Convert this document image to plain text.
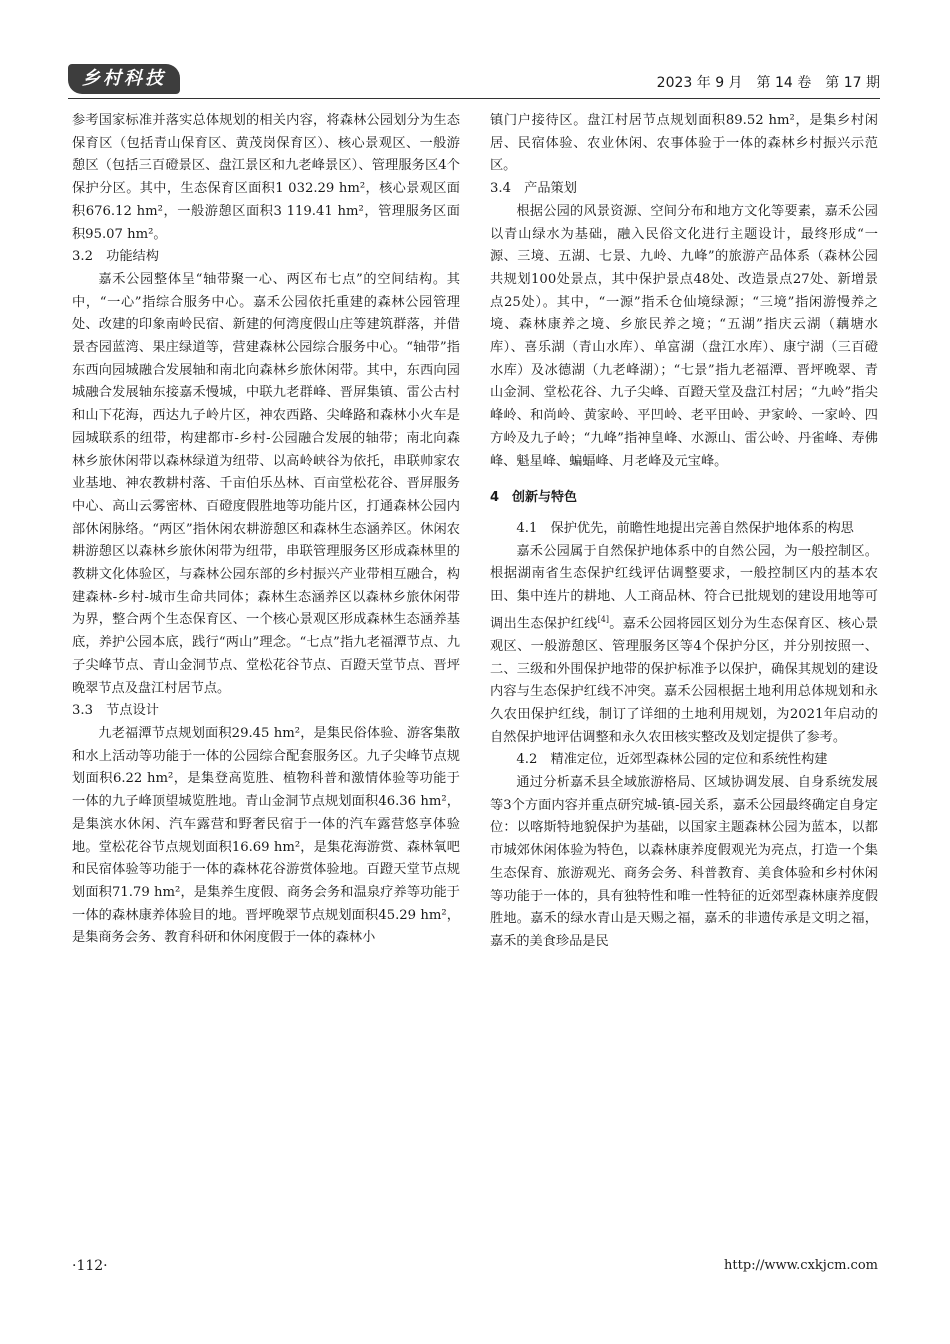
乡村科技	2023 年 9 月　第 14 卷　第 17 期

参考国家标准并落实总体规划的相关内容，将森林公园划分为生态保育区（包括青山保育区、黄茂岗保育区）、核心景观区、一般游憩区（包括三百磴景区、盘江景区和九老峰景区）、管理服务区4个保护分区。其中，生态保育区面积1 032.29 hm²，核心景观区面积676.12 hm²，一般游憩区面积3 119.41 hm²，管理服务区面积95.07 hm²。

3.2　功能结构

嘉禾公园整体呈“轴带聚一心、两区布七点”的空间结构。其中，“一心”指综合服务中心。嘉禾公园依托重建的森林公园管理处、改建的印象南岭民宿、新建的何湾度假山庄等建筑群落，并借景杏园蓝湾、果庄绿道等，营建森林公园综合服务中心。“轴带”指东西向园城融合发展轴和南北向森林乡旅休闲带。其中，东西向园城融合发展轴东接嘉禾慢城，中联九老群峰、晋屏集镇、雷公古村和山下花海，西达九子岭片区，神农西路、尖峰路和森林小火车是园城联系的纽带，构建都市-乡村-公园融合发展的轴带；南北向森林乡旅休闲带以森林绿道为纽带、以高岭峡谷为依托，串联帅家农业基地、神农教耕村落、千亩伯乐丛林、百亩堂松花谷、晋屏服务中心、高山云雾密林、百磴度假胜地等功能片区，打通森林公园内部休闲脉络。“两区”指休闲农耕游憩区和森林生态涵养区。休闲农耕游憩区以森林乡旅休闲带为纽带，串联管理服务区形成森林里的教耕文化体验区，与森林公园东部的乡村振兴产业带相互融合，构建森林-乡村-城市生命共同体；森林生态涵养区以森林乡旅休闲带为界，整合两个生态保育区、一个核心景观区形成森林生态涵养基底，养护公园本底，践行“两山”理念。“七点”指九老福潭节点、九子尖峰节点、青山金洞节点、堂松花谷节点、百蹬天堂节点、晋坪晚翠节点及盘江村居节点。

3.3　节点设计

九老福潭节点规划面积29.45 hm²，是集民俗体验、游客集散和水上活动等功能于一体的公园综合配套服务区。九子尖峰节点规划面积6.22 hm²，是集登高览胜、植物科普和激情体验等功能于一体的九子峰顶望城览胜地。青山金洞节点规划面积46.36 hm²，是集滨水休闲、汽车露营和野奢民宿于一体的汽车露营悠享体验地。堂松花谷节点规划面积16.69 hm²，是集花海游赏、森林氧吧和民宿体验等功能于一体的森林花谷游赏体验地。百蹬天堂节点规划面积71.79 hm²，是集养生度假、商务会务和温泉疗养等功能于一体的森林康养体验目的地。晋坪晚翠节点规划面积45.29 hm²，是集商务会务、教育科研和休闲度假于一体的森林小

镇门户接待区。盘江村居节点规划面积89.52 hm²，是集乡村闲居、民宿体验、农业休闲、农事体验于一体的森林乡村振兴示范区。

3.4　产品策划

根据公园的风景资源、空间分布和地方文化等要素，嘉禾公园以青山绿水为基础，融入民俗文化进行主题设计，最终形成“一源、三境、五湖、七景、九岭、九峰”的旅游产品体系（森林公园共规划100处景点，其中保护景点48处、改造景点27处、新增景点25处）。其中，“一源”指禾仓仙境绿源；“三境”指闲游慢养之境、森林康养之境、乡旅民养之境；“五湖”指庆云湖（藕塘水库）、喜乐湖（青山水库）、单富湖（盘江水库）、康宁湖（三百磴水库）及冰德湖（九老峰湖）；“七景”指九老福潭、晋坪晚翠、青山金洞、堂松花谷、九子尖峰、百蹬天堂及盘江村居；“九岭”指尖峰岭、和尚岭、黄家岭、平凹岭、老平田岭、尹家岭、一家岭、四方岭及九子岭；“九峰”指神皇峰、水源山、雷公岭、丹雀峰、寿佛峰、魁星峰、蝙蝠峰、月老峰及元宝峰。

4　创新与特色

4.1　保护优先，前瞻性地提出完善自然保护地体系的构思

嘉禾公园属于自然保护地体系中的自然公园，为一般控制区。根据湖南省生态保护红线评估调整要求，一般控制区内的基本农田、集中连片的耕地、人工商品林、符合已批规划的建设用地等可调出生态保护红线[4]。嘉禾公园将园区划分为生态保育区、核心景观区、一般游憩区、管理服务区等4个保护分区，并分别按照一、二、三级和外围保护地带的保护标准予以保护，确保其规划的建设内容与生态保护红线不冲突。嘉禾公园根据土地利用总体规划和永久农田保护红线，制订了详细的土地利用规划，为2021年启动的自然保护地评估调整和永久农田核实整改及划定提供了参考。

4.2　精准定位，近郊型森林公园的定位和系统性构建

通过分析嘉禾县全域旅游格局、区域协调发展、自身系统发展等3个方面内容并重点研究城-镇-园关系，嘉禾公园最终确定自身定位：以喀斯特地貌保护为基础，以国家主题森林公园为蓝本，以都市城郊休闲体验为特色，以森林康养度假观光为亮点，打造一个集生态保育、旅游观光、商务会务、科普教育、美食体验和乡村休闲等功能于一体的，具有独特性和唯一性特征的近郊型森林康养度假胜地。嘉禾的绿水青山是天赐之福，嘉禾的非遗传承是文明之福，嘉禾的美食珍品是民

·112·	http://www.cxkjcm.com
